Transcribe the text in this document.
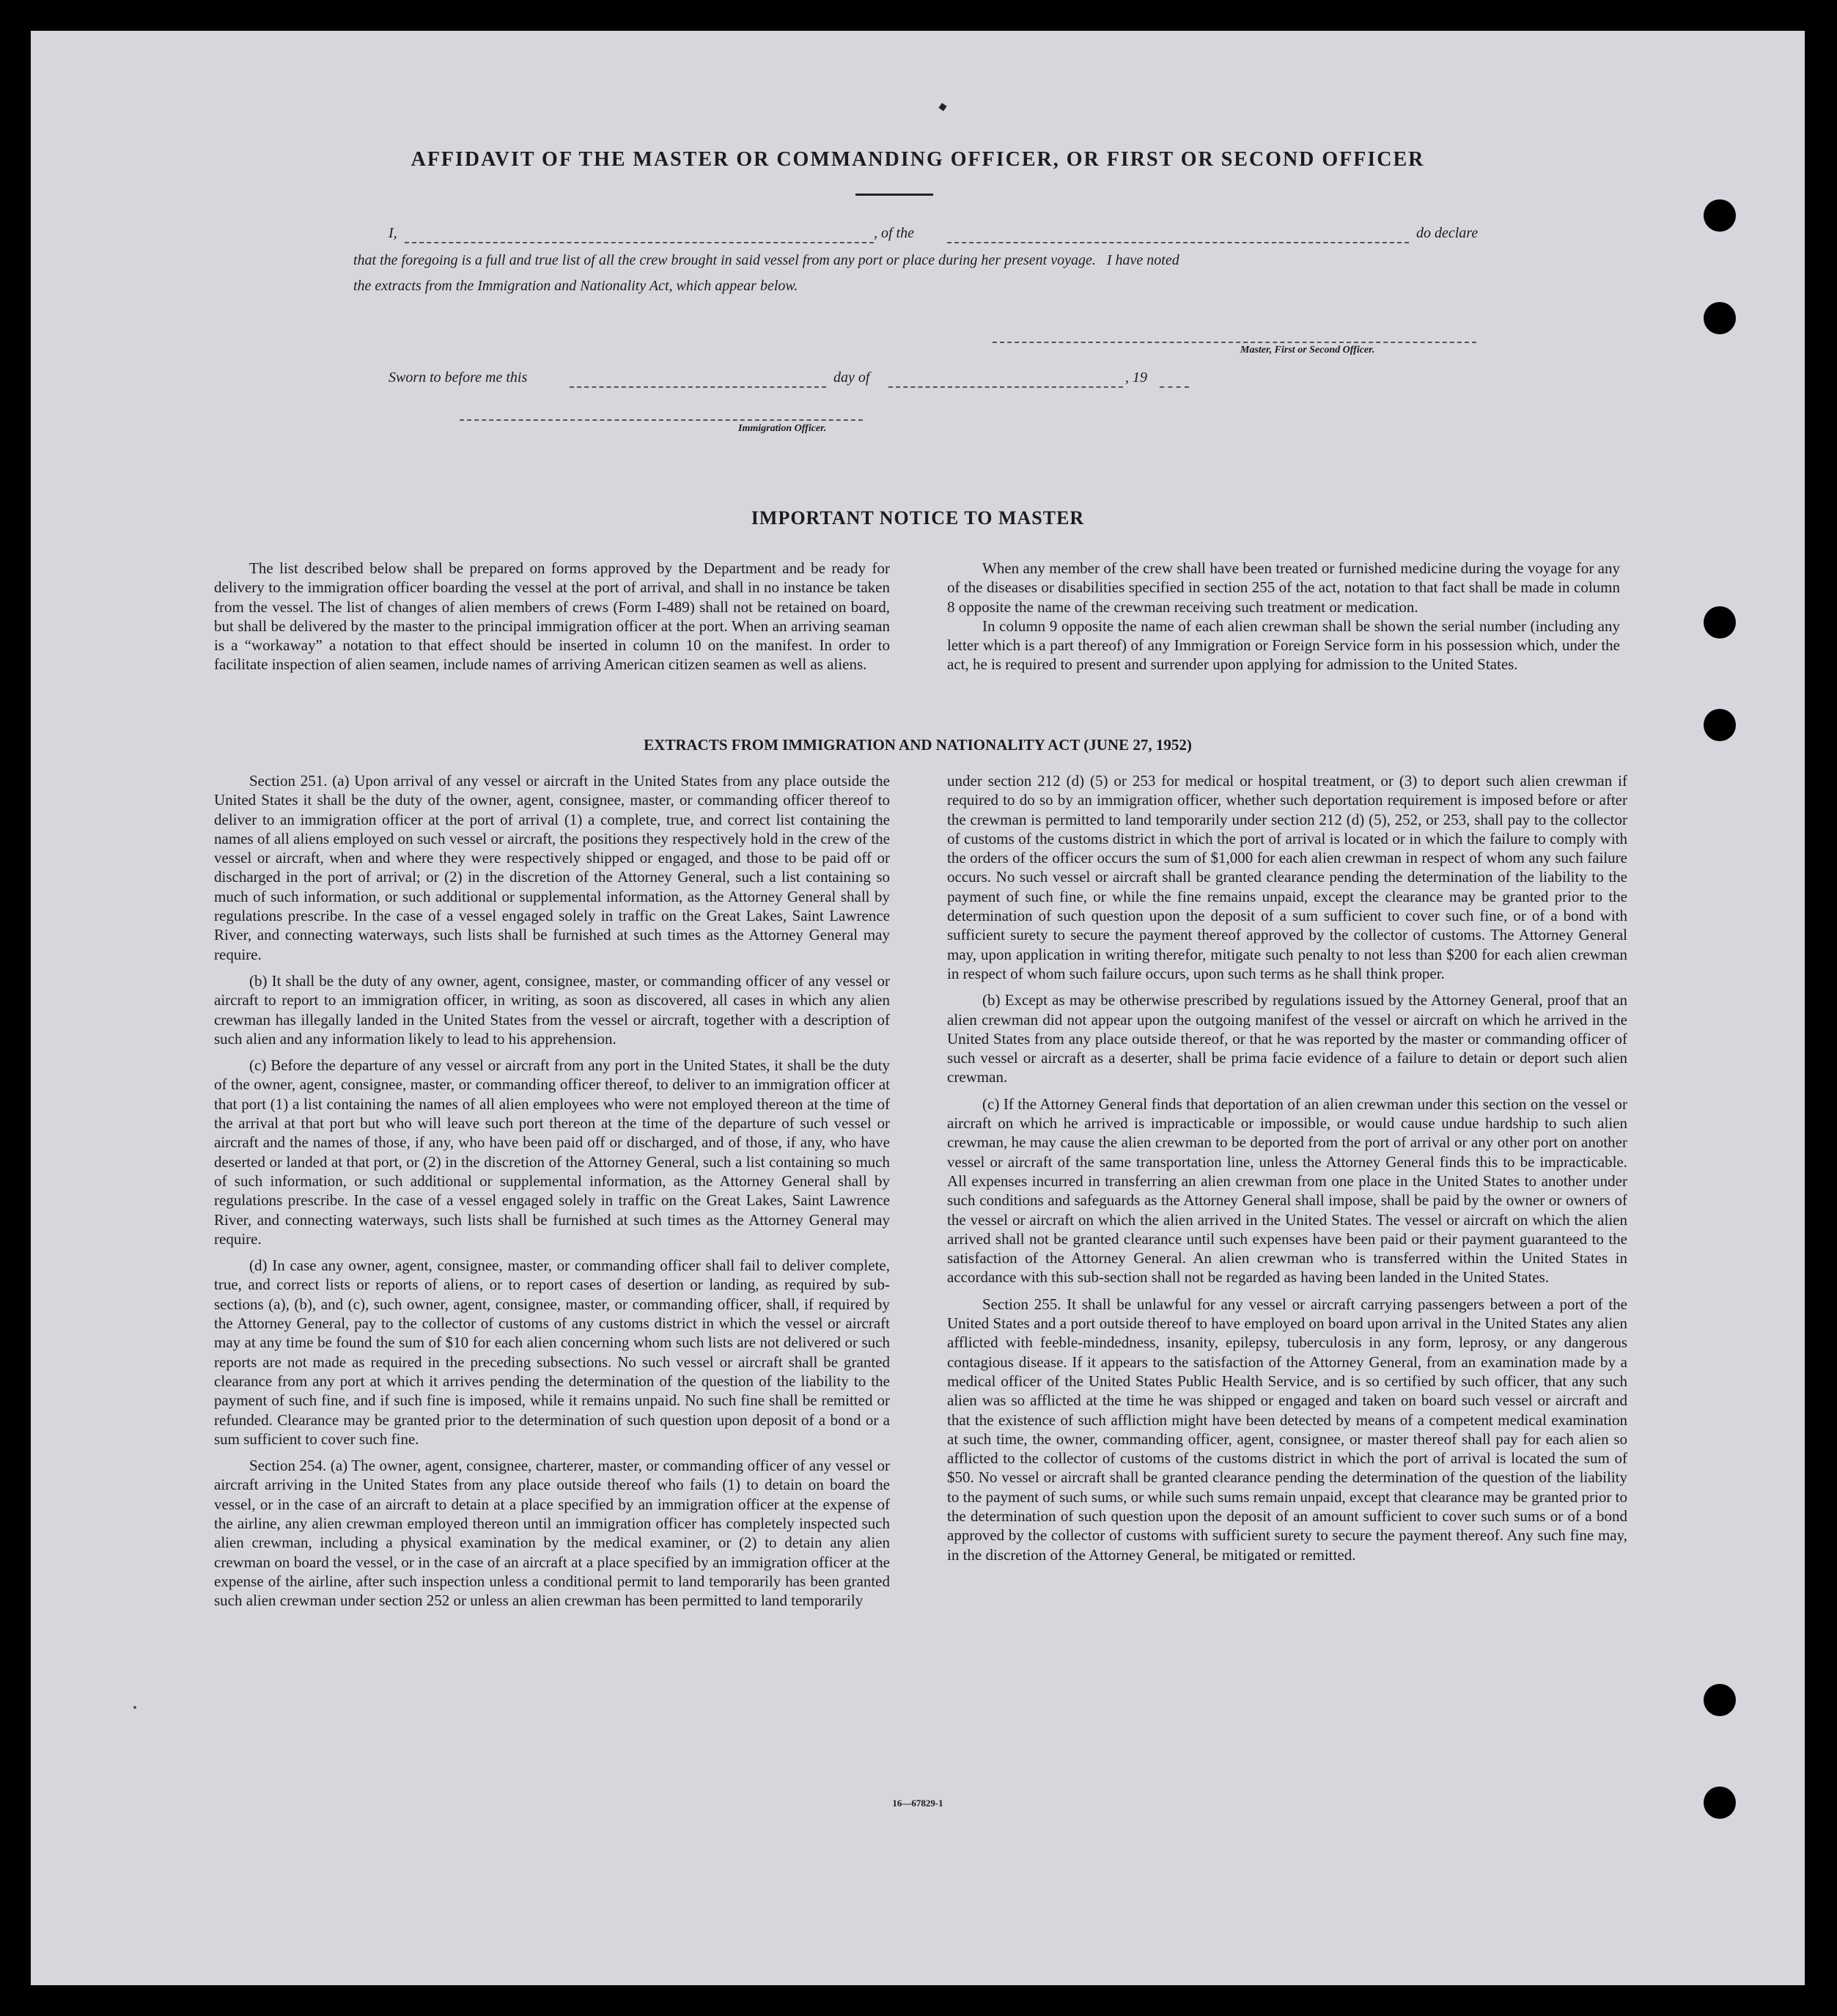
AFFIDAVIT OF THE MASTER OR COMMANDING OFFICER, OR FIRST OR SECOND OFFICER
I,	, of the	do declare
that the foregoing is a full and true list of all the crew brought in said vessel from any port or place during her present voyage.   I have noted
the extracts from the Immigration and Nationality Act, which appear below.
Master, First or Second Officer.
Sworn to before me this	day of	, 19
Immigration Officer.
IMPORTANT NOTICE TO MASTER

The list described below shall be prepared on forms approved by the Department and be ready for delivery to the immigration officer boarding the vessel at the port of arrival, and shall in no instance be taken from the vessel. The list of changes of alien members of crews (Form I-489) shall not be retained on board, but shall be delivered by the master to the principal immigration officer at the port. When an arriving seaman is a “workaway” a notation to that effect should be inserted in column 10 on the manifest. In order to facilitate inspection of alien seamen, include names of arriving American citizen seamen as well as aliens.

When any member of the crew shall have been treated or furnished medicine during the voyage for any of the diseases or disabilities specified in section 255 of the act, notation to that fact shall be made in column 8 opposite the name of the crewman receiving such treatment or medication.

In column 9 opposite the name of each alien crewman shall be shown the serial number (including any letter which is a part thereof) of any Immigration or Foreign Service form in his possession which, under the act, he is required to present and surrender upon applying for admission to the United States.

EXTRACTS FROM IMMIGRATION AND NATIONALITY ACT (JUNE 27, 1952)

Section 251. (a) Upon arrival of any vessel or aircraft in the United States from any place outside the United States it shall be the duty of the owner, agent, consignee, master, or commanding officer thereof to deliver to an immigration officer at the port of arrival (1) a complete, true, and correct list containing the names of all aliens employed on such vessel or aircraft, the positions they respectively hold in the crew of the vessel or aircraft, when and where they were respectively shipped or engaged, and those to be paid off or discharged in the port of arrival; or (2) in the discretion of the Attorney General, such a list containing so much of such information, or such additional or supplemental information, as the Attorney General shall by regulations prescribe. In the case of a vessel engaged solely in traffic on the Great Lakes, Saint Lawrence River, and connecting waterways, such lists shall be furnished at such times as the Attorney General may require.

(b) It shall be the duty of any owner, agent, consignee, master, or commanding officer of any vessel or aircraft to report to an immigration officer, in writing, as soon as discovered, all cases in which any alien crewman has illegally landed in the United States from the vessel or aircraft, together with a description of such alien and any information likely to lead to his apprehension.

(c) Before the departure of any vessel or aircraft from any port in the United States, it shall be the duty of the owner, agent, consignee, master, or commanding officer thereof, to deliver to an immigration officer at that port (1) a list containing the names of all alien employees who were not employed thereon at the time of the arrival at that port but who will leave such port thereon at the time of the departure of such vessel or aircraft and the names of those, if any, who have been paid off or discharged, and of those, if any, who have deserted or landed at that port, or (2) in the discretion of the Attorney General, such a list containing so much of such information, or such additional or supplemental information, as the Attorney General shall by regulations prescribe. In the case of a vessel engaged solely in traffic on the Great Lakes, Saint Lawrence River, and connecting waterways, such lists shall be furnished at such times as the Attorney General may require.

(d) In case any owner, agent, consignee, master, or commanding officer shall fail to deliver complete, true, and correct lists or reports of aliens, or to report cases of desertion or landing, as required by sub-sections (a), (b), and (c), such owner, agent, consignee, master, or commanding officer, shall, if required by the Attorney General, pay to the collector of customs of any customs district in which the vessel or aircraft may at any time be found the sum of $10 for each alien concerning whom such lists are not delivered or such reports are not made as required in the preceding subsections. No such vessel or aircraft shall be granted clearance from any port at which it arrives pending the determination of the question of the liability to the payment of such fine, and if such fine is imposed, while it remains unpaid. No such fine shall be remitted or refunded. Clearance may be granted prior to the determination of such question upon deposit of a bond or a sum sufficient to cover such fine.

Section 254. (a) The owner, agent, consignee, charterer, master, or commanding officer of any vessel or aircraft arriving in the United States from any place outside thereof who fails (1) to detain on board the vessel, or in the case of an aircraft to detain at a place specified by an immigration officer at the expense of the airline, any alien crewman employed thereon until an immigration officer has completely inspected such alien crewman, including a physical examination by the medical examiner, or (2) to detain any alien crewman on board the vessel, or in the case of an aircraft at a place specified by an immigration officer at the expense of the airline, after such inspection unless a conditional permit to land temporarily has been granted such alien crewman under section 252 or unless an alien crewman has been permitted to land temporarily

under section 212 (d) (5) or 253 for medical or hospital treatment, or (3) to deport such alien crewman if required to do so by an immigration officer, whether such deportation requirement is imposed before or after the crewman is permitted to land temporarily under section 212 (d) (5), 252, or 253, shall pay to the collector of customs of the customs district in which the port of arrival is located or in which the failure to comply with the orders of the officer occurs the sum of $1,000 for each alien crewman in respect of whom any such failure occurs. No such vessel or aircraft shall be granted clearance pending the determination of the liability to the payment of such fine, or while the fine remains unpaid, except the clearance may be granted prior to the determination of such question upon the deposit of a sum sufficient to cover such fine, or of a bond with sufficient surety to secure the payment thereof approved by the collector of customs. The Attorney General may, upon application in writing therefor, mitigate such penalty to not less than $200 for each alien crewman in respect of whom such failure occurs, upon such terms as he shall think proper.

(b) Except as may be otherwise prescribed by regulations issued by the Attorney General, proof that an alien crewman did not appear upon the outgoing manifest of the vessel or aircraft on which he arrived in the United States from any place outside thereof, or that he was reported by the master or commanding officer of such vessel or aircraft as a deserter, shall be prima facie evidence of a failure to detain or deport such alien crewman.

(c) If the Attorney General finds that deportation of an alien crewman under this section on the vessel or aircraft on which he arrived is impracticable or impossible, or would cause undue hardship to such alien crewman, he may cause the alien crewman to be deported from the port of arrival or any other port on another vessel or aircraft of the same transportation line, unless the Attorney General finds this to be impracticable. All expenses incurred in transferring an alien crewman from one place in the United States to another under such conditions and safeguards as the Attorney General shall impose, shall be paid by the owner or owners of the vessel or aircraft on which the alien arrived in the United States. The vessel or aircraft on which the alien arrived shall not be granted clearance until such expenses have been paid or their payment guaranteed to the satisfaction of the Attorney General. An alien crewman who is transferred within the United States in accordance with this sub-section shall not be regarded as having been landed in the United States.

Section 255. It shall be unlawful for any vessel or aircraft carrying passengers between a port of the United States and a port outside thereof to have employed on board upon arrival in the United States any alien afflicted with feeble-mindedness, insanity, epilepsy, tuberculosis in any form, leprosy, or any dangerous contagious disease. If it appears to the satisfaction of the Attorney General, from an examination made by a medical officer of the United States Public Health Service, and is so certified by such officer, that any such alien was so afflicted at the time he was shipped or engaged and taken on board such vessel or aircraft and that the existence of such affliction might have been detected by means of a competent medical examination at such time, the owner, commanding officer, agent, consignee, or master thereof shall pay for each alien so afflicted to the collector of customs of the customs district in which the port of arrival is located the sum of $50. No vessel or aircraft shall be granted clearance pending the determination of the question of the liability to the payment of such sums, or while such sums remain unpaid, except that clearance may be granted prior to the determination of such question upon the deposit of an amount sufficient to cover such sums or of a bond approved by the collector of customs with sufficient surety to secure the payment thereof. Any such fine may, in the discretion of the Attorney General, be mitigated or remitted.

16—67829-1
